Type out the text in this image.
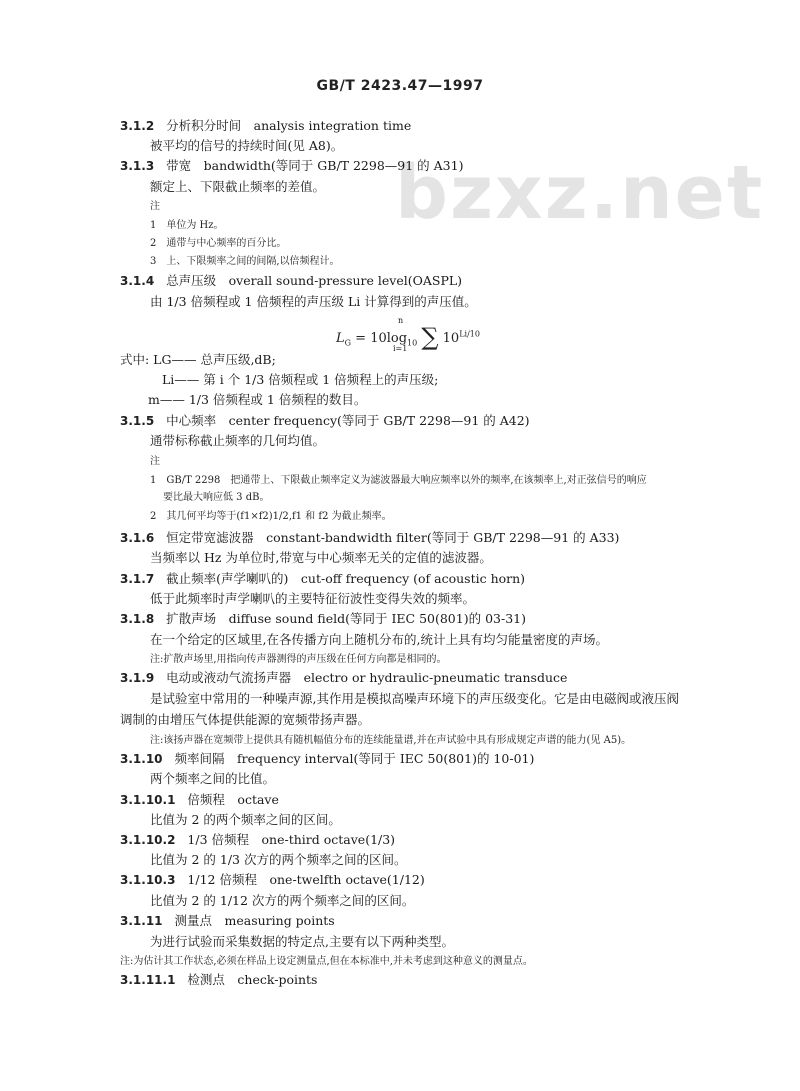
bzxz.net
GB/T 2423.47—1997
3.1.2 分析积分时间　analysis integration time
被平均的信号的持续时间(见 A8)。
3.1.3 带宽　bandwidth(等同于 GB/T 2298—91 的 A31)
额定上、下限截止频率的差值。
注
1　单位为 Hz。
2　通带与中心频率的百分比。
3　上、下限频率之间的间隔,以倍频程计。
3.1.4 总声压级　overall sound-pressure level(OASPL)
由 1/3 倍频程或 1 倍频程的声压级 Li 计算得到的声压值。
$L_G = 10\log_{10}$ ∑ $10^{Li/10}$
n
i=1
式中: LG—— 总声压级,dB;
Li—— 第 i 个 1/3 倍频程或 1 倍频程上的声压级;
m—— 1/3 倍频程或 1 倍频程的数目。
3.1.5 中心频率　center frequency(等同于 GB/T 2298—91 的 A42)
通带标称截止频率的几何均值。
注
1　GB/T 2298　把通带上、下限截止频率定义为滤波器最大响应频率以外的频率,在该频率上,对正弦信号的响应
要比最大响应低 3 dB。
2　其几何平均等于(f1×f2)1/2,f1 和 f2 为截止频率。
3.1.6 恒定带宽滤波器　constant-bandwidth filter(等同于 GB/T 2298—91 的 A33)
当频率以 Hz 为单位时,带宽与中心频率无关的定值的滤波器。
3.1.7 截止频率(声学喇叭的)　cut-off frequency (of acoustic horn)
低于此频率时声学喇叭的主要特征衍波性变得失效的频率。
3.1.8 扩散声场　diffuse sound field(等同于 IEC 50(801)的 03-31)
在一个给定的区域里,在各传播方向上随机分布的,统计上具有均匀能量密度的声场。
注:扩散声场里,用指向传声器测得的声压级在任何方向都是相同的。
3.1.9 电动或液动气流扬声器　electro or hydraulic-pneumatic transduce
是试验室中常用的一种噪声源,其作用是模拟高噪声环境下的声压级变化。它是由电磁阀或液压阀
调制的由增压气体提供能源的宽频带扬声器。
注:该扬声器在宽频带上提供具有随机幅值分布的连续能量谱,并在声试验中具有形成规定声谱的能力(见 A5)。
3.1.10 频率间隔　frequency interval(等同于 IEC 50(801)的 10-01)
两个频率之间的比值。
3.1.10.1 倍频程　octave
比值为 2 的两个频率之间的区间。
3.1.10.2 1/3 倍频程　one-third octave(1/3)
比值为 2 的 1/3 次方的两个频率之间的区间。
3.1.10.3 1/12 倍频程　one-twelfth octave(1/12)
比值为 2 的 1/12 次方的两个频率之间的区间。
3.1.11 测量点　measuring points
为进行试验而采集数据的特定点,主要有以下两种类型。
注:为估计其工作状态,必须在样品上设定测量点,但在本标准中,并未考虑到这种意义的测量点。
3.1.11.1 检测点　check-points
